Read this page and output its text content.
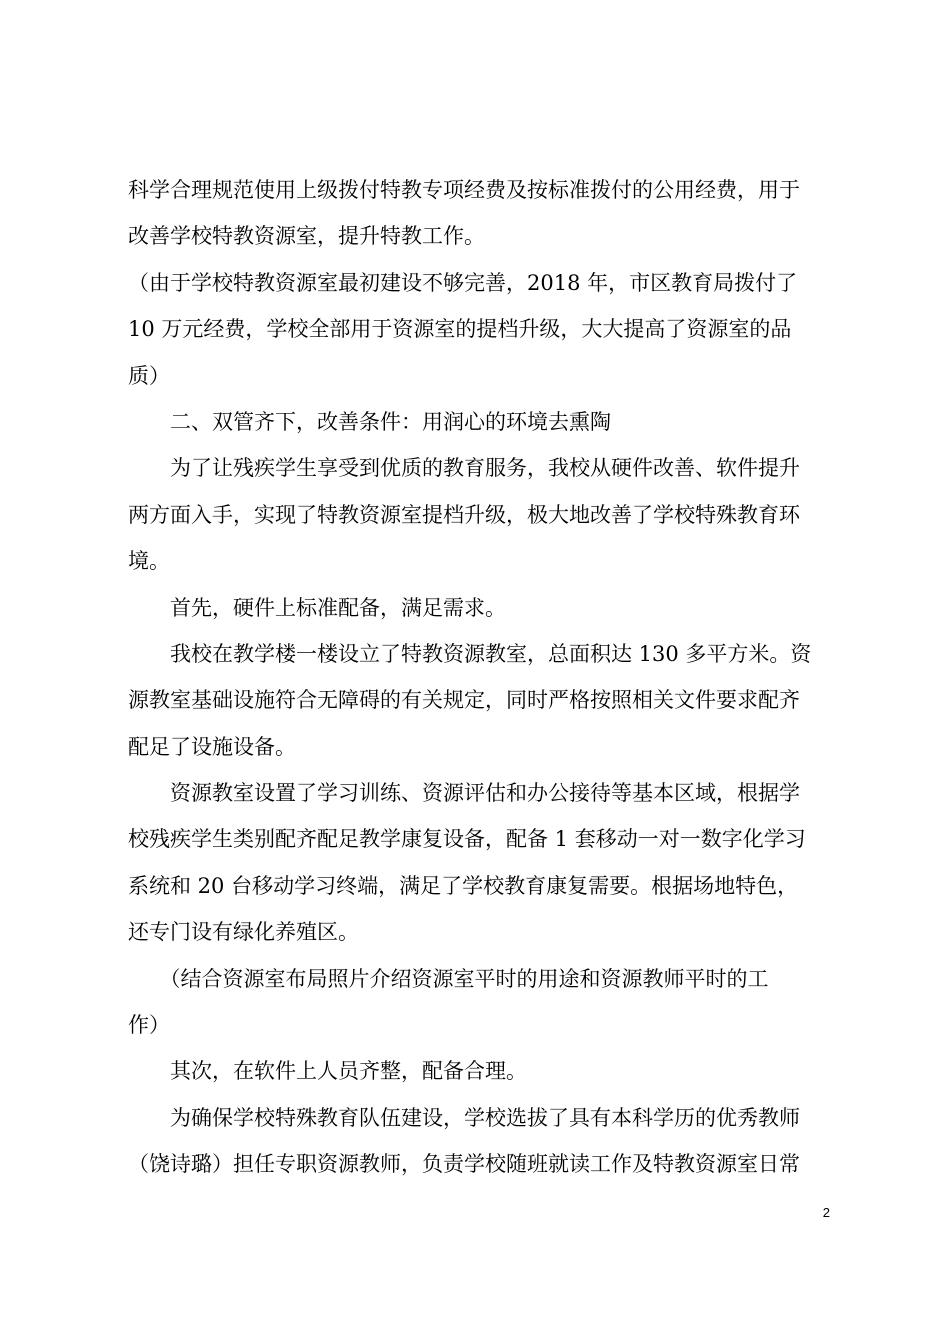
科学合理规范使用上级拨付特教专项经费及按标准拨付的公用经费，用于
改善学校特教资源室，提升特教工作。
（由于学校特教资源室最初建设不够完善，2018 年，市区教育局拨付了
10 万元经费，学校全部用于资源室的提档升级，大大提高了资源室的品
质）
　　二、双管齐下，改善条件：用润心的环境去熏陶
　　为了让残疾学生享受到优质的教育服务，我校从硬件改善、软件提升
两方面入手，实现了特教资源室提档升级，极大地改善了学校特殊教育环
境。
　　首先，硬件上标准配备，满足需求。
　　我校在教学楼一楼设立了特教资源教室，总面积达 130 多平方米。资
源教室基础设施符合无障碍的有关规定，同时严格按照相关文件要求配齐
配足了设施设备。
　　资源教室设置了学习训练、资源评估和办公接待等基本区域，根据学
校残疾学生类别配齐配足教学康复设备，配备 1 套移动一对一数字化学习
系统和 20 台移动学习终端，满足了学校教育康复需要。根据场地特色，
还专门设有绿化养殖区。
　　（结合资源室布局照片介绍资源室平时的用途和资源教师平时的工
作）
　　其次，在软件上人员齐整，配备合理。
　　为确保学校特殊教育队伍建设，学校选拔了具有本科学历的优秀教师
（饶诗璐）担任专职资源教师，负责学校随班就读工作及特教资源室日常
2
